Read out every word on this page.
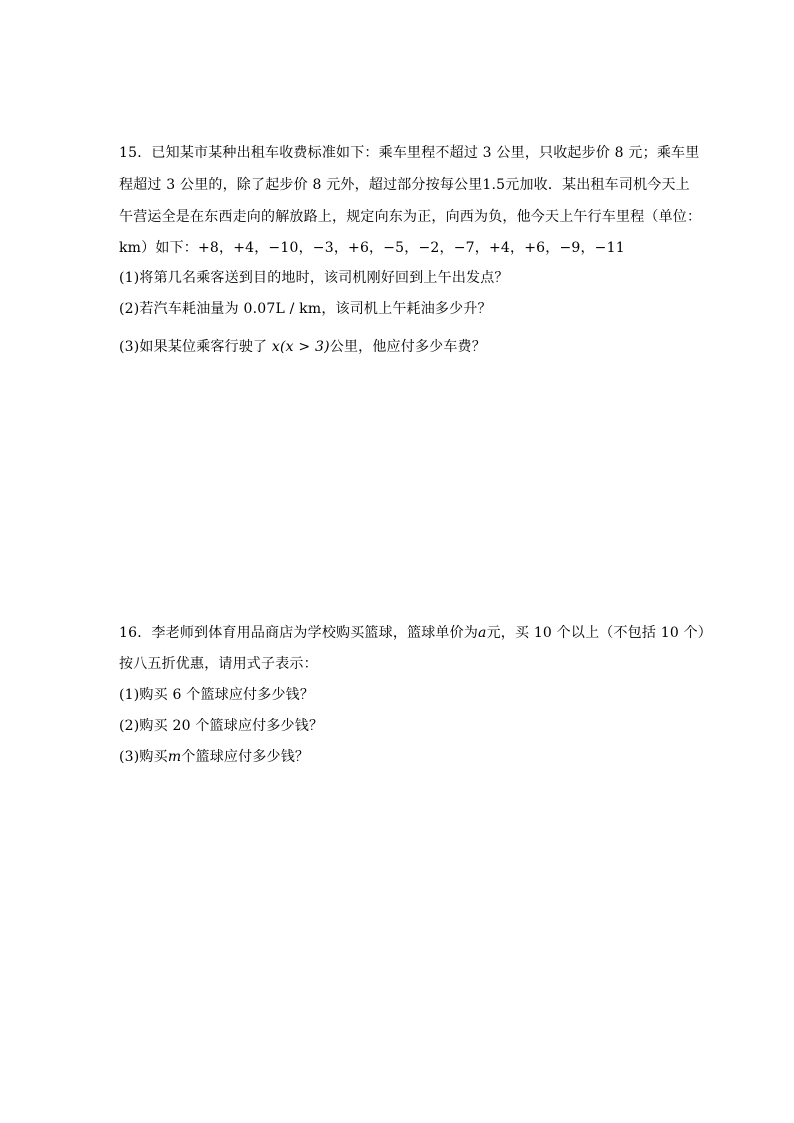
15．已知某市某种出租车收费标准如下：乘车里程不超过 3 公里，只收起步价 8 元；乘车里
程超过 3 公里的，除了起步价 8 元外，超过部分按每公里1.5元加收．某出租车司机今天上
午营运全是在东西走向的解放路上，规定向东为正，向西为负，他今天上午行车里程（单位：
km）如下：+8，+4，−10，−3，+6，−5，−2，−7，+4，+6，−9，−11
(1)将第几名乘客送到目的地时，该司机刚好回到上午出发点？
(2)若汽车耗油量为 0.07L / km，该司机上午耗油多少升？
(3)如果某位乘客行驶了 x(x > 3)公里，他应付多少车费？
16．李老师到体育用品商店为学校购买篮球，篮球单价为a元，买 10 个以上（不包括 10 个）
按八五折优惠，请用式子表示：
(1)购买 6 个篮球应付多少钱？
(2)购买 20 个篮球应付多少钱？
(3)购买m个篮球应付多少钱？
